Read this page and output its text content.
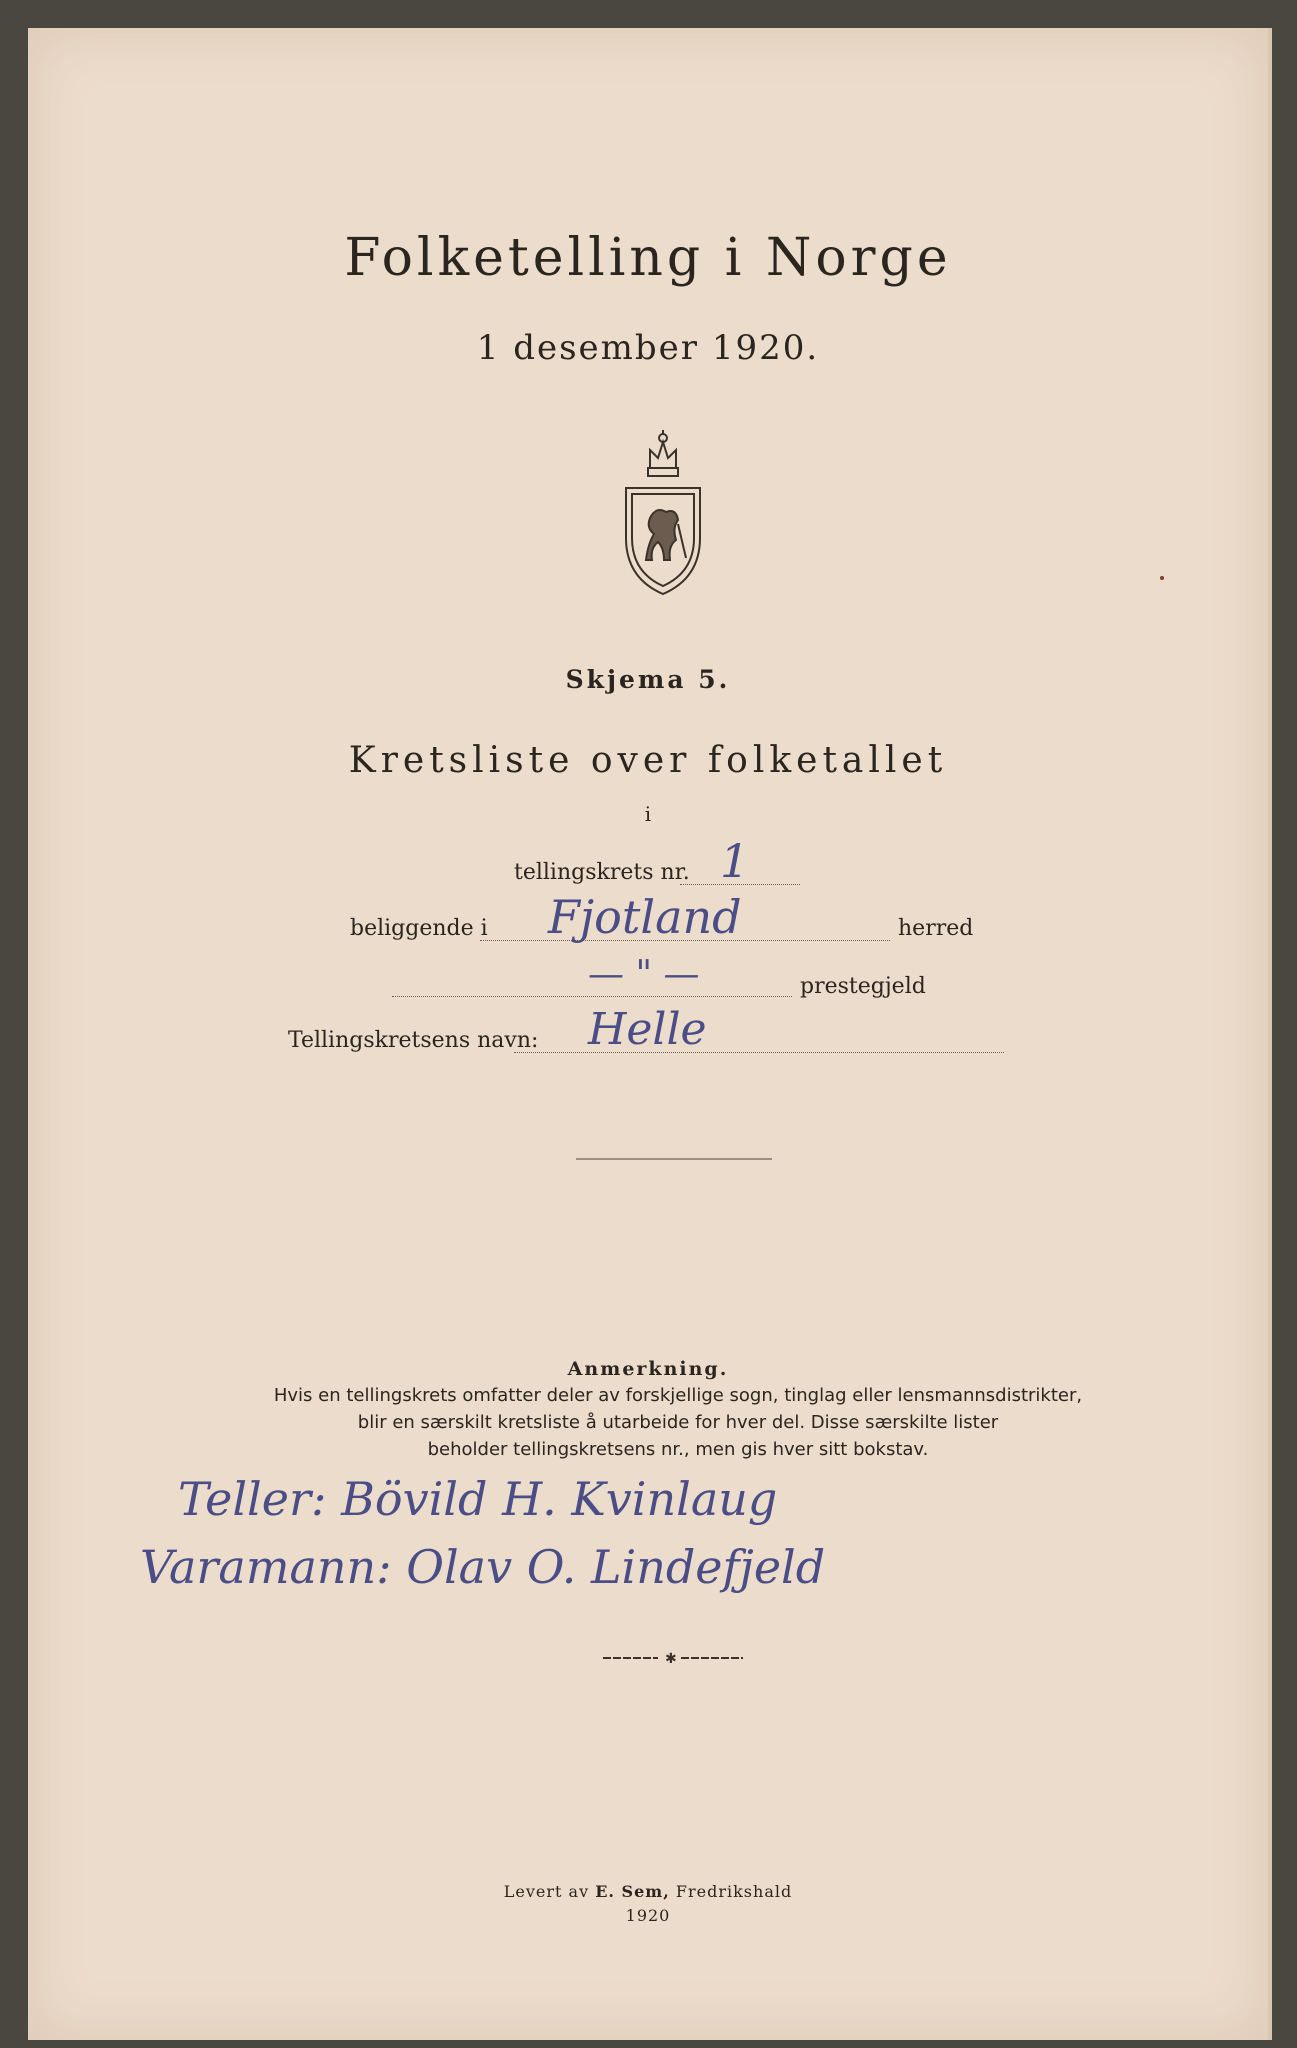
Folketelling i Norge
1 desember 1920.
Skjema 5.
Kretsliste over folketallet
i
tellingskrets nr. 1
beliggende i Fjotland	herred
— " —	prestegjeld
Tellingskretsens navn: Helle
Anmerkning.

Hvis en tellingskrets omfatter deler av forskjellige sogn, tinglag eller lensmannsdistrikter,

blir en særskilt kretsliste å utarbeide for hver del. Disse særskilte lister

beholder tellingskretsens nr., men gis hver sitt bokstav.

Teller: Bövild H. Kvinlaug
Varamann: Olav O. Lindefjeld
✱
Levert av E. Sem, Fredrikshald
1920
